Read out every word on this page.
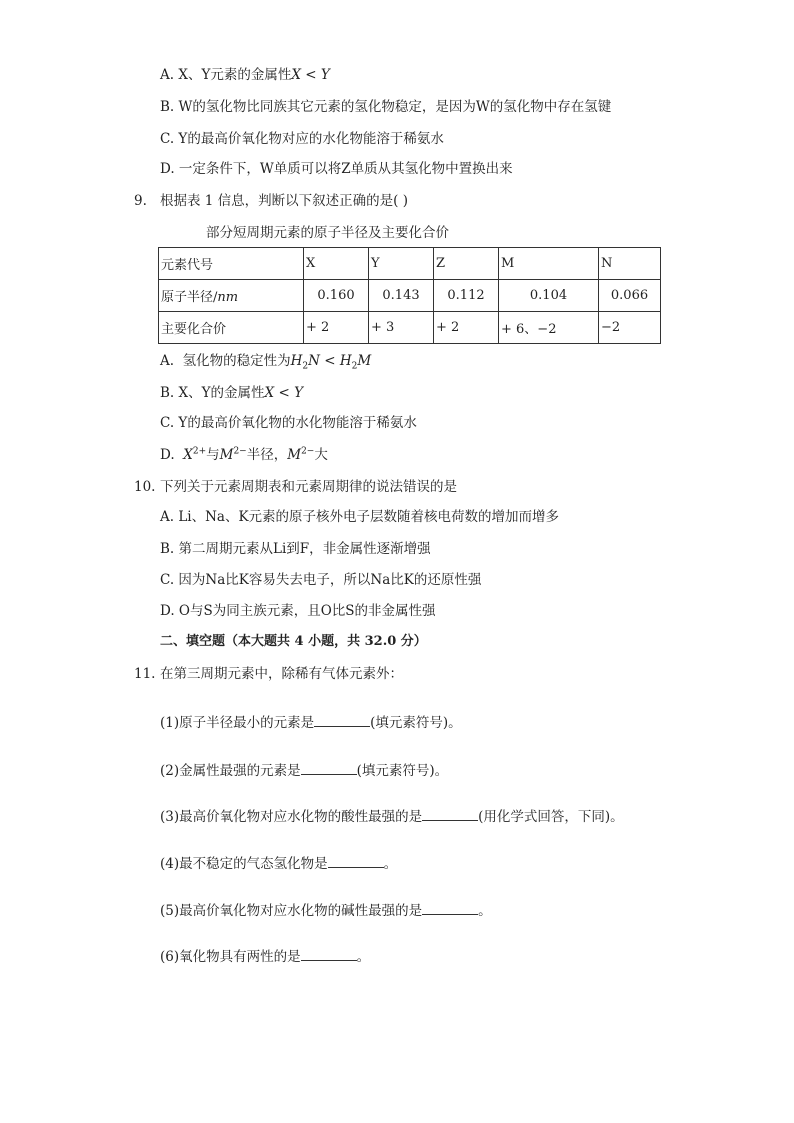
A. X、Y元素的金属性X < Y
B. W的氢化物比同族其它元素的氢化物稳定，是因为W的氢化物中存在氢键
C. Y的最高价氧化物对应的水化物能溶于稀氨水
D. 一定条件下，W单质可以将Z单质从其氢化物中置换出来
9. 根据表 1 信息，判断以下叙述正确的是( )
部分短周期元素的原子半径及主要化合价
元素代号	X	Y	Z	M	N
原子半径/nm	0.160	0.143	0.112	0.104	0.066
主要化合价	+ 2	+ 3	+ 2	+ 6、−2	−2
A.  氢化物的稳定性为$H_2N < H_2M$
B. X、Y的金属性X < Y
C. Y的最高价氧化物的水化物能溶于稀氨水
D.  $X^{2+}$与$M^{2-}$半径，$M^{2-}$大
10. 下列关于元素周期表和元素周期律的说法错误的是
A. Li、Na、K元素的原子核外电子层数随着核电荷数的增加而增多
B. 第二周期元素从Li到F，非金属性逐渐增强
C. 因为Na比K容易失去电子，所以Na比K的还原性强
D. O与S为同主族元素，且O比S的非金属性强
二、填空题（本大题共 4 小题，共 32.0 分）
11. 在第三周期元素中，除稀有气体元素外：
(1)原子半径最小的元素是	(填元素符号)。
(2)金属性最强的元素是	(填元素符号)。
(3)最高价氧化物对应水化物的酸性最强的是	(用化学式回答，下同)。
(4)最不稳定的气态氢化物是	。
(5)最高价氧化物对应水化物的碱性最强的是	。
(6)氧化物具有两性的是	。
